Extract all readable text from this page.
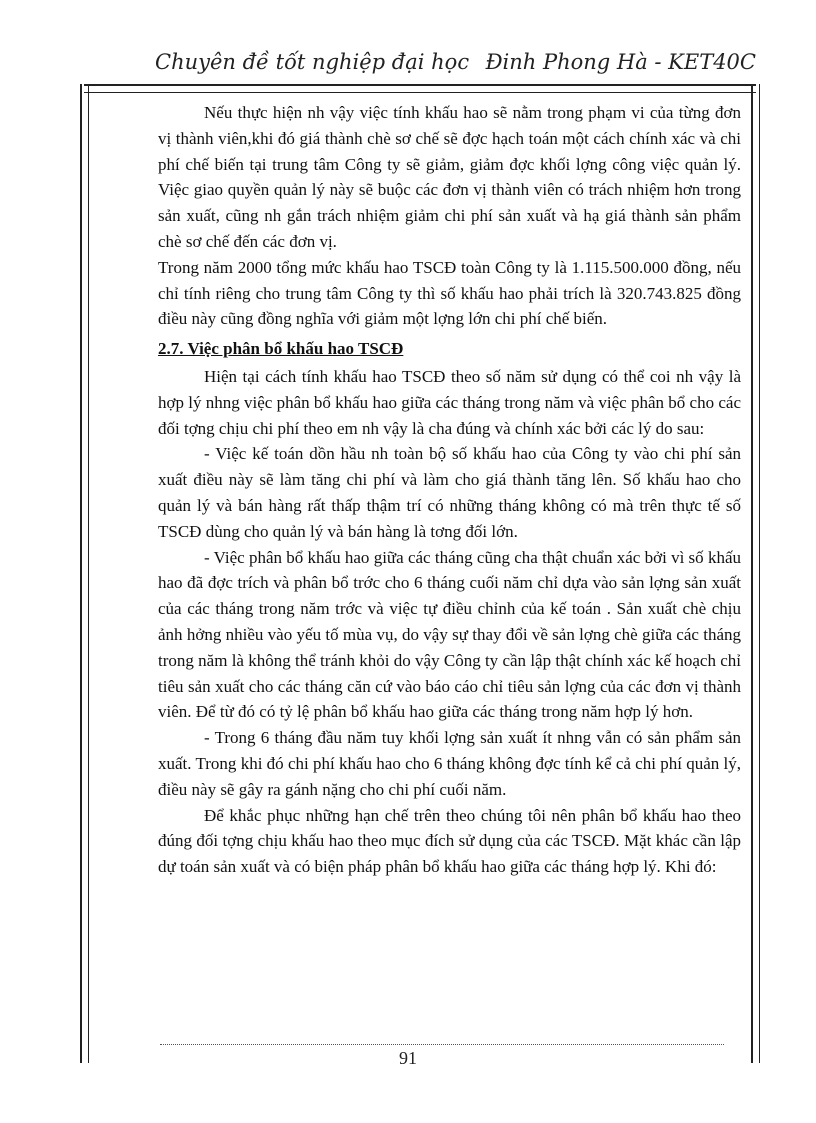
Chuyên đề tốt nghiệp đại học Đinh Phong Hà - KET40C

Nếu thực hiện nh vậy việc tính khấu hao sẽ nằm trong phạm vi của từng đơn vị thành viên,khi đó giá thành chè sơ chế sẽ đợc hạch toán một cách chính xác và chi phí chế biến tại trung tâm Công ty sẽ giảm, giảm đợc khối lợng công việc quản lý. Việc giao quyền quản lý này sẽ buộc các đơn vị thành viên có trách nhiệm hơn trong sản xuất, cũng nh gắn trách nhiệm giảm chi phí sản xuất và hạ giá thành sản phẩm chè sơ chế đến các đơn vị.

Trong năm 2000 tổng mức khấu hao TSCĐ toàn Công ty là 1.115.500.000 đồng, nếu chỉ tính riêng cho trung tâm Công ty thì số khấu hao phải trích là 320.743.825 đồng điều này cũng đồng nghĩa với giảm một lợng lớn chi phí chế biến.

2.7. Việc phân bổ khấu hao TSCĐ

Hiện tại cách tính khấu hao TSCĐ theo số năm sử dụng có thể coi nh vậy là hợp lý nhng việc phân bổ khấu hao giữa các tháng trong năm và việc phân bổ cho các đối tợng chịu chi phí theo em nh vậy là cha đúng và chính xác bởi các lý do sau:

- Việc kế toán dồn hầu nh toàn bộ số khấu hao của Công ty vào chi phí sản xuất điều này sẽ làm tăng chi phí và làm cho giá thành tăng lên. Số khấu hao cho quản lý và bán hàng rất thấp thậm trí có những tháng không có mà trên thực tế số TSCĐ dùng cho quản lý và bán hàng là tơng đối lớn.

- Việc phân bổ khấu hao giữa các tháng cũng cha thật chuẩn xác bởi vì số khấu hao đã đợc trích và phân bổ trớc cho 6 tháng cuối năm chỉ dựa vào sản lợng sản xuất của các tháng trong năm trớc và việc tự điều chỉnh của kế toán . Sản xuất chè chịu ảnh hởng nhiều vào yếu tố mùa vụ, do vậy sự thay đổi về sản lợng chè giữa các tháng trong năm là không thể tránh khỏi do vậy Công ty cần lập thật chính xác kế hoạch chỉ tiêu sản xuất cho các tháng căn cứ vào báo cáo chỉ tiêu sản lợng của các đơn vị thành viên. Để từ đó có tỷ lệ phân bổ khấu hao giữa các tháng trong năm hợp lý hơn.

- Trong 6 tháng đầu năm tuy khối lợng sản xuất ít nhng vẫn có sản phẩm sản xuất. Trong khi đó chi phí khấu hao cho 6 tháng không đợc tính kể cả chi phí quản lý, điều này sẽ gây ra gánh nặng cho chi phí cuối năm.

Để khắc phục những hạn chế trên theo chúng tôi nên phân bổ khấu hao theo đúng đối tợng chịu khấu hao theo mục đích sử dụng của các TSCĐ. Mặt khác cần lập dự toán sản xuất và có biện pháp phân bổ khấu hao giữa các tháng hợp lý. Khi đó:

91
